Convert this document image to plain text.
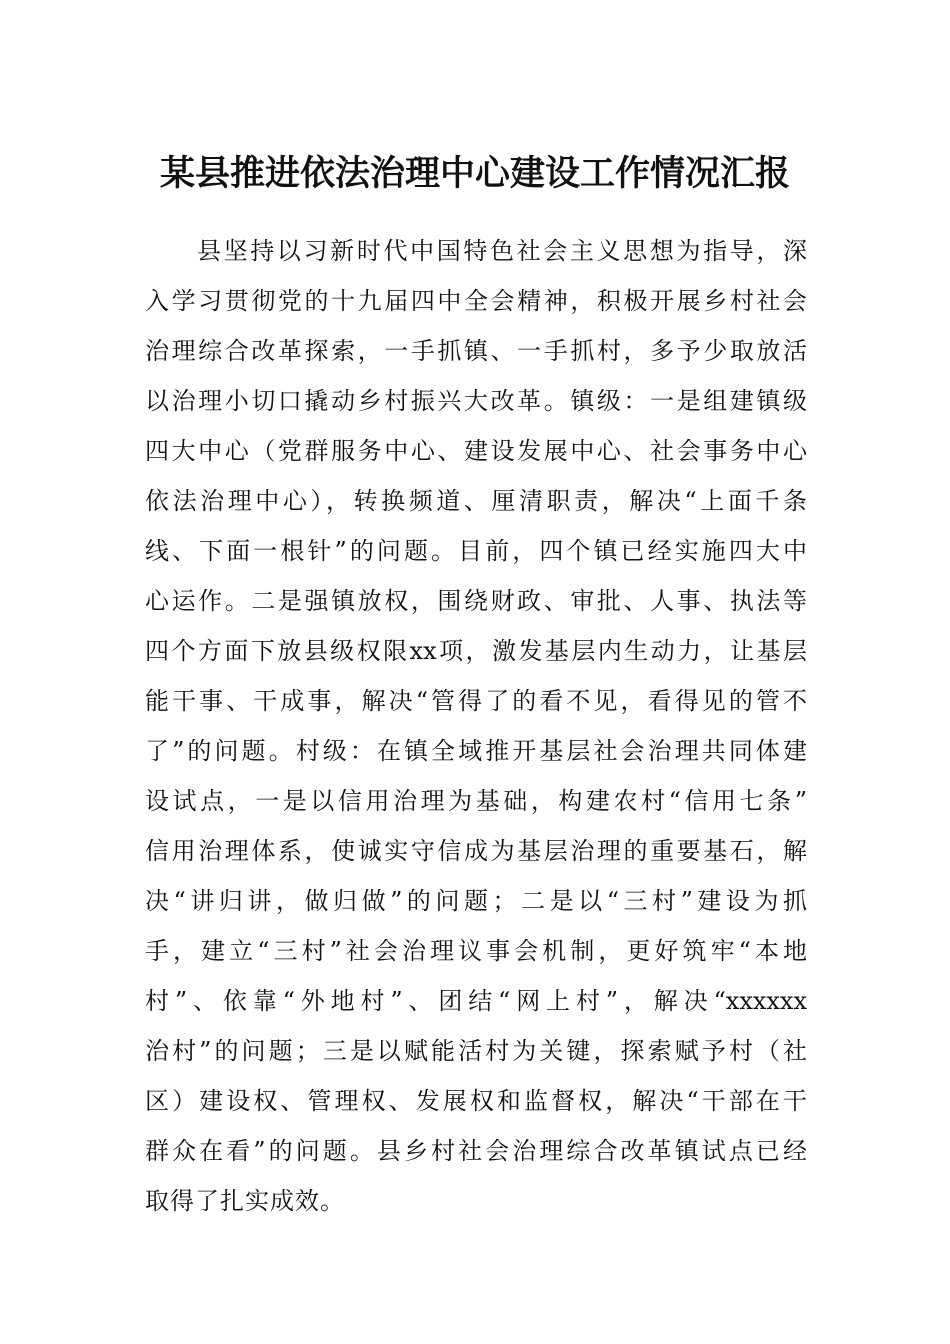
某县推进依法治理中心建设工作情况汇报
县坚持以习新时代中国特色社会主义思想为指导，深
入学习贯彻党的十九届四中全会精神，积极开展乡村社会
治理综合改革探索，一手抓镇、一手抓村，多予少取放活
以治理小切口撬动乡村振兴大改革。镇级：一是组建镇级
四大中心（党群服务中心、建设发展中心、社会事务中心
依法治理中心），转换频道、厘清职责，解决“上面千条
线、下面一根针”的问题。目前，四个镇已经实施四大中
心运作。二是强镇放权，围绕财政、审批、人事、执法等
四个方面下放县级权限xx项，激发基层内生动力，让基层
能干事、干成事，解决“管得了的看不见，看得见的管不
了”的问题。村级：在镇全域推开基层社会治理共同体建
设试点，一是以信用治理为基础，构建农村“信用七条”
信用治理体系，使诚实守信成为基层治理的重要基石，解
决“讲归讲，做归做”的问题；二是以“三村”建设为抓
手，建立“三村”社会治理议事会机制，更好筑牢“本地
村”、依靠“外地村”、团结“网上村”，解决“xxxxxx
治村”的问题；三是以赋能活村为关键，探索赋予村（社
区）建设权、管理权、发展权和监督权，解决“干部在干
群众在看”的问题。县乡村社会治理综合改革镇试点已经
取得了扎实成效。
